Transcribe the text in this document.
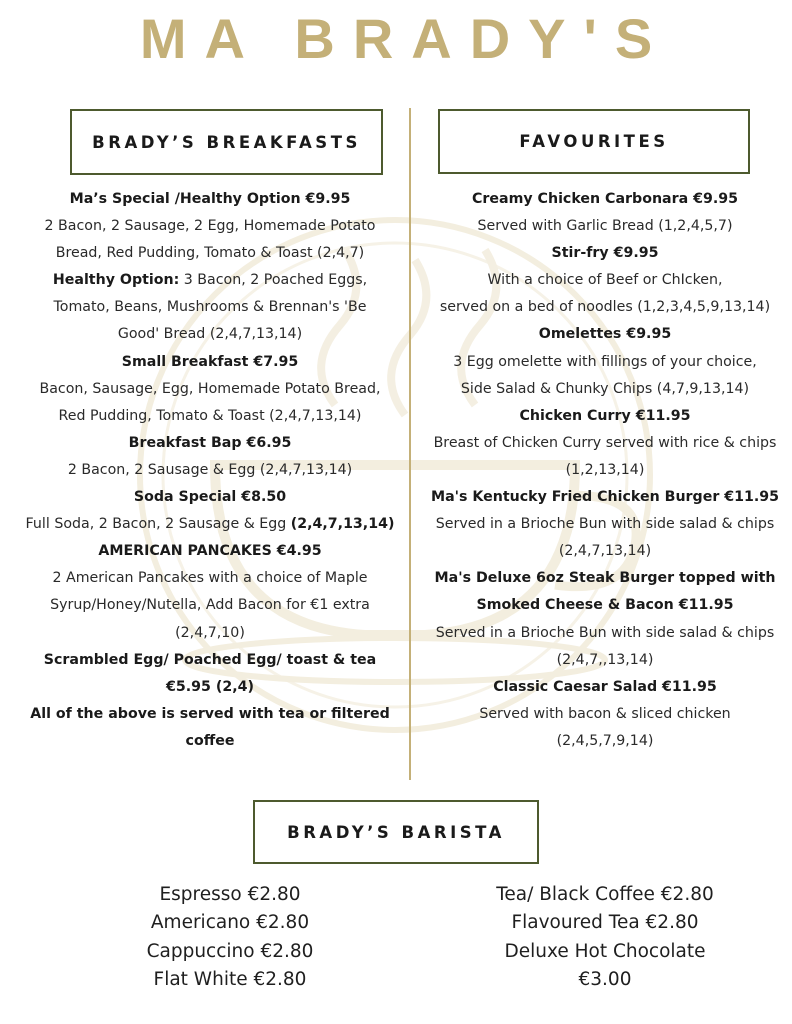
MA BRADY'S
BRADY’S BREAKFASTS	FAVOURITES
Ma’s Special /Healthy Option €9.95
2 Bacon, 2 Sausage, 2 Egg, Homemade Potato
Bread, Red Pudding, Tomato & Toast (2,4,7)
Healthy Option: 3 Bacon, 2 Poached Eggs,
Tomato, Beans, Mushrooms & Brennan's 'Be
Good' Bread (2,4,7,13,14)
Small Breakfast €7.95
Bacon, Sausage, Egg, Homemade Potato Bread,
Red Pudding, Tomato & Toast (2,4,7,13,14)
Breakfast Bap €6.95
2 Bacon, 2 Sausage & Egg (2,4,7,13,14)
Soda Special €8.50
Full Soda, 2 Bacon, 2 Sausage & Egg (2,4,7,13,14)
AMERICAN PANCAKES €4.95
2 American Pancakes with a choice of Maple
Syrup/Honey/Nutella, Add Bacon for €1 extra
(2,4,7,10)
Scrambled Egg/ Poached Egg/ toast & tea
€5.95 (2,4)
All of the above is served with tea or filtered
coffee
Creamy Chicken Carbonara €9.95
Served with Garlic Bread (1,2,4,5,7)
Stir-fry €9.95
With a choice of Beef or ChIcken,
served on a bed of noodles (1,2,3,4,5,9,13,14)
Omelettes €9.95
3 Egg omelette with fillings of your choice,
Side Salad & Chunky Chips (4,7,9,13,14)
Chicken Curry €11.95
Breast of Chicken Curry served with rice & chips
(1,2,13,14)
Ma's Kentucky Fried Chicken Burger €11.95
Served in a Brioche Bun with side salad & chips
(2,4,7,13,14)
Ma's Deluxe 6oz Steak Burger topped with
Smoked Cheese & Bacon €11.95
Served in a Brioche Bun with side salad & chips
(2,4,7,,13,14)
Classic Caesar Salad €11.95
Served with bacon & sliced chicken
(2,4,5,7,9,14)
BRADY’S BARISTA
Espresso €2.80
Americano €2.80
Cappuccino €2.80
Flat White €2.80
Tea/ Black Coffee €2.80
Flavoured Tea €2.80
Deluxe Hot Chocolate
€3.00
